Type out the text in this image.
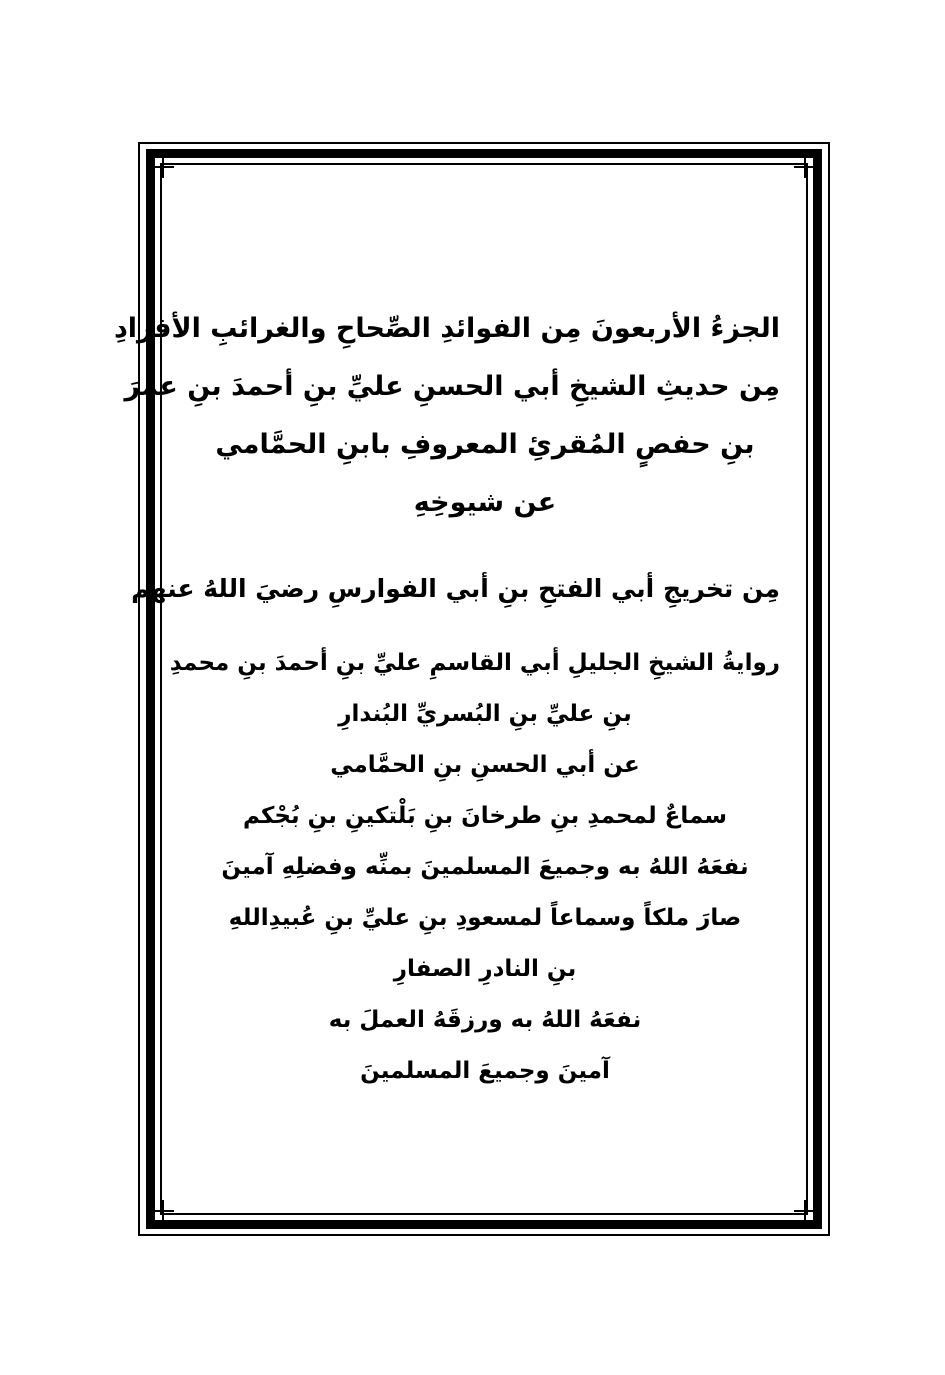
الجزءُ الأربعونَ مِن الفوائدِ الصِّحاحِ والغرائبِ الأفرادِ
مِن حديثِ الشيخِ أبي الحسنِ عليِّ بنِ أحمدَ بنِ عمرَ
بنِ حفصٍ المُقرئِ المعروفِ بابنِ الحمَّامي
عن شيوخِهِ
مِن تخريجِ أبي الفتحِ بنِ أبي الفوارسِ رضيَ اللهُ عنهم
روايةُ الشيخِ الجليلِ أبي القاسمِ عليِّ بنِ أحمدَ بنِ محمدِ
بنِ عليِّ بنِ البُسريِّ البُندارِ
عن أبي الحسنِ بنِ الحمَّامي
سماعٌ لمحمدِ بنِ طرخانَ بنِ بَلْتكينِ بنِ بُجْكم
نفعَهُ اللهُ به وجميعَ المسلمينَ بمنِّه وفضلِهِ آمينَ
صارَ ملكاً وسماعاً لمسعودِ بنِ عليِّ بنِ عُبيدِاللهِ
بنِ النادرِ الصفارِ
نفعَهُ اللهُ به ورزقَهُ العملَ به
آمينَ وجميعَ المسلمينَ
